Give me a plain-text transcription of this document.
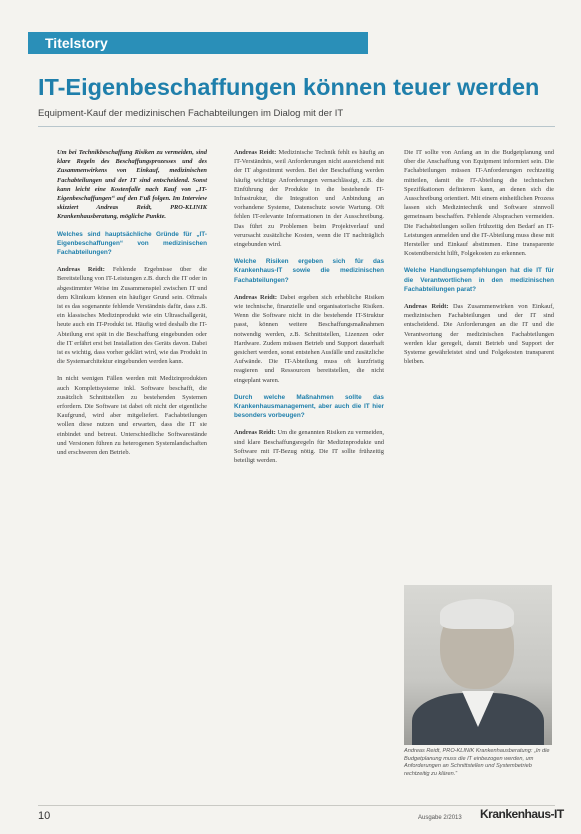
Titelstory
IT-Eigenbeschaffungen können teuer werden

Equipment-Kauf der medizinischen Fachabteilungen im Dialog mit der IT

Um bei Technikbeschaffung Risiken zu vermeiden, sind klare Regeln des Beschaffungsprozesses und des Zusammenwirkens von Einkauf, medizinischen Fachabteilungen und der IT sind entscheidend. Sonst kann leicht eine Kostenfalle nach Kauf von „IT-Eigenbeschaffungen“ auf den Fuß folgen. Im Interview skizziert Andreas Reidt, PRO-KLINIK Krankenhausberatung, mögliche Punkte.

Welches sind hauptsächliche Gründe für „IT-Eigenbeschaffungen“ von medizinischen Fachabteilungen?

Andreas Reidt: Fehlende Ergebnisse über die Bereitstellung von IT-Leistungen z.B. durch die IT oder in abgestimmter Weise im Zusammenspiel zwischen IT und dem Klinikum können ein häufiger Grund sein. Oftmals ist es das sogenannte fehlende Verständnis dafür, dass z.B. ein klassisches Medizinprodukt wie ein Ultraschallgerät, heute auch ein IT-Produkt ist. Häufig wird deshalb die IT-Abteilung erst spät in die Beschaffung eingebunden oder die IT erfährt erst bei Installation des Geräts davon. Dabei ist es wichtig, dass vorher geklärt wird, wie das Produkt in die Systemarchitektur eingebunden werden kann.

In nicht wenigen Fällen werden mit Medizinprodukten auch Komplettsysteme inkl. Software beschafft, die zusätzlich Schnittstellen zu bestehenden Systemen erfordern. Die Software ist dabei oft nicht der eigentliche Kaufgrund, wird aber mitgeliefert. Fachabteilungen wollen diese nutzen und erwarten, dass die IT sie einbindet und betreut. Unterschiedliche Softwarestände und Versionen führen zu heterogenen Systemlandschaften und erschweren den Betrieb.

Andreas Reidt: Medizinische Technik fehlt es häufig an IT-Verständnis, weil Anforderungen nicht ausreichend mit der IT abgestimmt werden. Bei der Beschaffung werden häufig wichtige Anforderungen vernachlässigt, z.B. die Einführung der Produkte in die bestehende IT-Infrastruktur, die Integration und Anbindung an vorhandene Systeme, Datenschutz sowie Wartung. Oft fehlen IT-relevante Informationen in der Ausschreibung. Das führt zu Problemen beim Projektverlauf und verursacht zusätzliche Kosten, wenn die IT nachträglich eingebunden wird.

Welche Risiken ergeben sich für das Krankenhaus-IT sowie die medizinischen Fachabteilungen?

Andreas Reidt: Dabei ergeben sich erhebliche Risiken wie technische, finanzielle und organisatorische Risiken. Wenn die Software nicht in die bestehende IT-Struktur passt, können weitere Beschaffungsmaßnahmen notwendig werden, z.B. Schnittstellen, Lizenzen oder Hardware. Zudem müssen Betrieb und Support dauerhaft gesichert werden, sonst entstehen Ausfälle und zusätzliche Aufwände. Die IT-Abteilung muss oft kurzfristig reagieren und Ressourcen bereitstellen, die nicht eingeplant waren.

Durch welche Maßnahmen sollte das Krankenhausmanagement, aber auch die IT hier besonders vorbeugen?

Andreas Reidt: Um die genannten Risiken zu vermeiden, sind klare Beschaffungsregeln für Medizinprodukte und Software mit IT-Bezug nötig. Die IT sollte frühzeitig beteiligt werden.

Die IT sollte von Anfang an in die Budgetplanung und über die Anschaffung von Equipment informiert sein. Die Fachabteilungen müssen IT-Anforderungen rechtzeitig mitteilen, damit die IT-Abteilung die technischen Spezifikationen definieren kann, an denen sich die Ausschreibung orientiert. Mit einem einheitlichen Prozess lassen sich Medizintechnik und Software sinnvoll gemeinsam beschaffen. Fehlende Absprachen vermeiden. Die Fachabteilungen sollen frühzeitig den Bedarf an IT-Leistungen anmelden und die IT-Abteilung muss diese mit Hersteller und Einkauf abstimmen. Eine transparente Kostenübersicht hilft, Folgekosten zu erkennen.

Welche Handlungsempfehlungen hat die IT für die Verantwortlichen in den medizinischen Fachabteilungen parat?

Andreas Reidt: Das Zusammenwirken von Einkauf, medizinischen Fachabteilungen und der IT sind entscheidend. Die Anforderungen an die IT und die Verantwortung der medizinischen Fachabteilungen werden klar geregelt, damit Betrieb und Support der Systeme gewährleistet sind und Folgekosten transparent bleiben.

Andreas Reidt, PRO-KLINIK Krankenhausberatung: „In die Budgetplanung muss die IT einbezogen werden, um Anforderungen an Schnittstellen und Systembetrieb rechtzeitig zu klären.“

10	Ausgabe 2/2013 Krankenhaus-IT
